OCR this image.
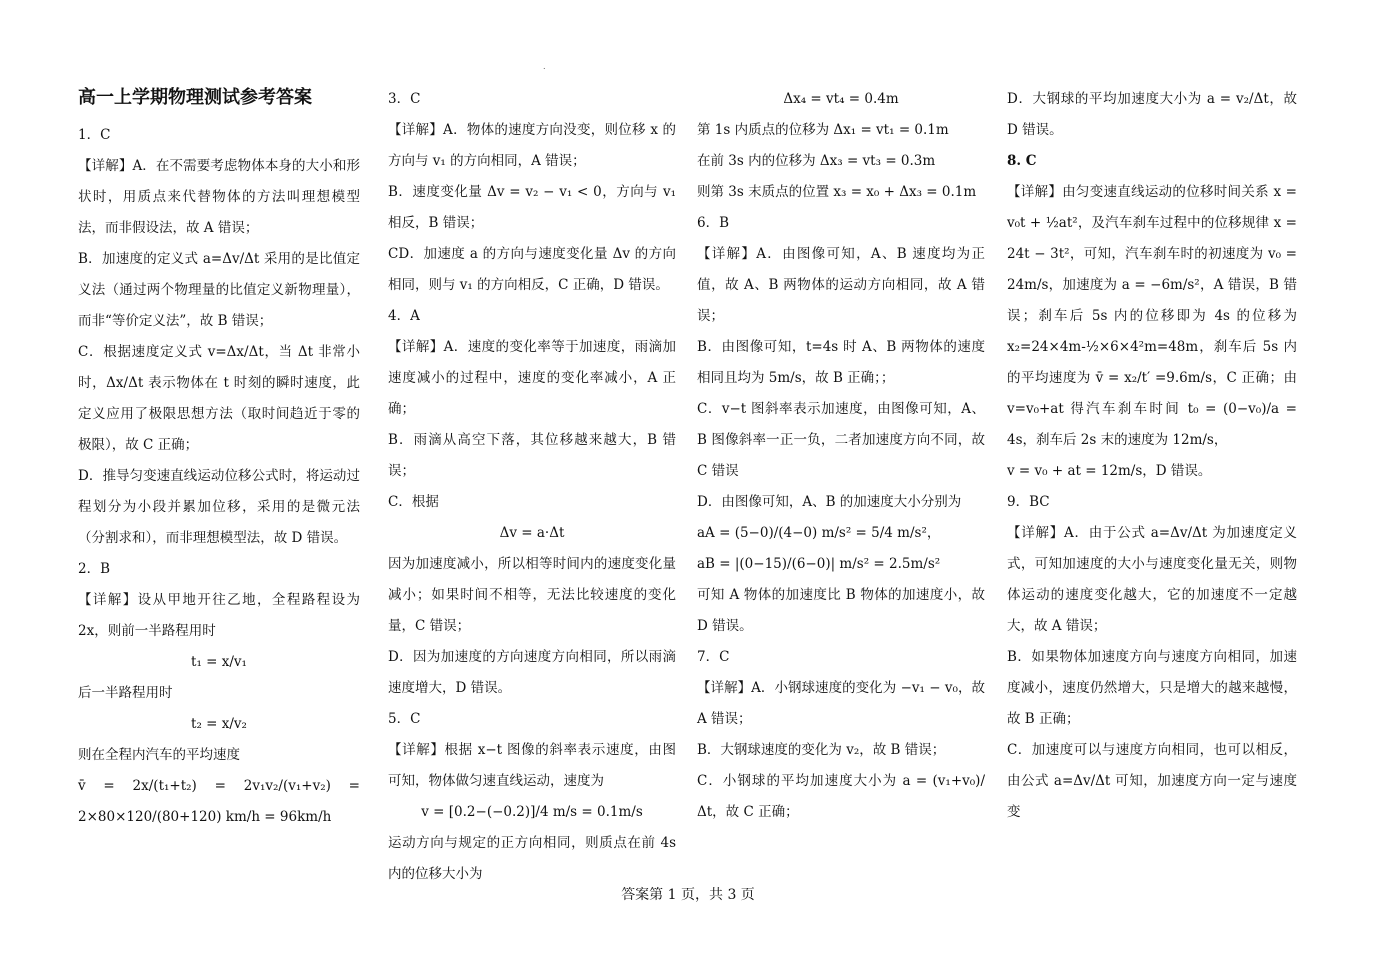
.

高一上学期物理测试参考答案

1．C

【详解】A．在不需要考虑物体本身的大小和形状时，用质点来代替物体的方法叫理想模型法，而非假设法，故 A 错误；

B．加速度的定义式 a=Δv/Δt 采用的是比值定义法（通过两个物理量的比值定义新物理量），而非“等价定义法”，故 B 错误；

C．根据速度定义式 v=Δx/Δt，当 Δt 非常小时，Δx/Δt 表示物体在 t 时刻的瞬时速度，此定义应用了极限思想方法（取时间趋近于零的极限），故 C 正确；

D．推导匀变速直线运动位移公式时，将运动过程划分为小段并累加位移，采用的是微元法（分割求和），而非理想模型法，故 D 错误。

2．B

【详解】设从甲地开往乙地，全程路程设为 2x，则前一半路程用时

t₁ = x/v₁

后一半路程用时

t₂ = x/v₂

则在全程内汽车的平均速度

v̄ = 2x/(t₁+t₂) = 2v₁v₂/(v₁+v₂) = 2×80×120/(80+120) km/h = 96km/h

3．C

【详解】A．物体的速度方向没变，则位移 x 的方向与 v₁ 的方向相同，A 错误；

B．速度变化量 Δv = v₂ − v₁ < 0，方向与 v₁ 相反，B 错误；

CD．加速度 a 的方向与速度变化量 Δv 的方向相同，则与 v₁ 的方向相反，C 正确，D 错误。

4．A

【详解】A．速度的变化率等于加速度，雨滴加速度减小的过程中，速度的变化率减小，A 正确；

B．雨滴从高空下落，其位移越来越大，B 错误；

C．根据

Δv = a·Δt

因为加速度减小，所以相等时间内的速度变化量减小；如果时间不相等，无法比较速度的变化量，C 错误；

D．因为加速度的方向速度方向相同，所以雨滴速度增大，D 错误。

5．C

【详解】根据 x−t 图像的斜率表示速度，由图可知，物体做匀速直线运动，速度为

v = [0.2−(−0.2)]/4 m/s = 0.1m/s

运动方向与规定的正方向相同，则质点在前 4s 内的位移大小为

Δx₄ = vt₄ = 0.4m

第 1s 内质点的位移为 Δx₁ = vt₁ = 0.1m

在前 3s 内的位移为 Δx₃ = vt₃ = 0.3m

则第 3s 末质点的位置 x₃ = x₀ + Δx₃ = 0.1m

6．B

【详解】A．由图像可知，A、B 速度均为正值，故 A、B 两物体的运动方向相同，故 A 错误；

B．由图像可知，t=4s 时 A、B 两物体的速度相同且均为 5m/s，故 B 正确；；

C．v−t 图斜率表示加速度，由图像可知，A、B 图像斜率一正一负，二者加速度方向不同，故 C 错误

D．由图像可知，A、B 的加速度大小分别为

aA = (5−0)/(4−0) m/s² = 5/4 m/s²，

aB = |(0−15)/(6−0)| m/s² = 2.5m/s²

可知 A 物体的加速度比 B 物体的加速度小，故 D 错误。

7．C

【详解】A．小钢球速度的变化为 −v₁ − v₀，故 A 错误；

B．大钢球速度的变化为 v₂，故 B 错误；

C．小钢球的平均加速度大小为 a = (v₁+v₀)/Δt，故 C 正确；

D．大钢球的平均加速度大小为 a = v₂/Δt，故 D 错误。

8. C

【详解】由匀变速直线运动的位移时间关系 x = v₀t + ½at²，及汽车刹车过程中的位移规律 x = 24t − 3t²，可知，汽车刹车时的初速度为 v₀ = 24m/s，加速度为 a = −6m/s²，A 错误，B 错误；刹车后 5s 内的位移即为 4s 的位移为 x₂=24×4m-½×6×4²m=48m，刹车后 5s 内的平均速度为 v̄ = x₂/t′ =9.6m/s，C 正确；由 v=v₀+at 得汽车刹车时间 t₀ = (0−v₀)/a = 4s，刹车后 2s 末的速度为 12m/s，

v = v₀ + at = 12m/s，D 错误。

9．BC

【详解】A．由于公式 a=Δv/Δt 为加速度定义式，可知加速度的大小与速度变化量无关，则物体运动的速度变化越大，它的加速度不一定越大，故 A 错误；

B．如果物体加速度方向与速度方向相同，加速度减小，速度仍然增大，只是增大的越来越慢，故 B 正确；

C．加速度可以与速度方向相同，也可以相反，由公式 a=Δv/Δt 可知，加速度方向一定与速度变

答案第 1 页，共 3 页
